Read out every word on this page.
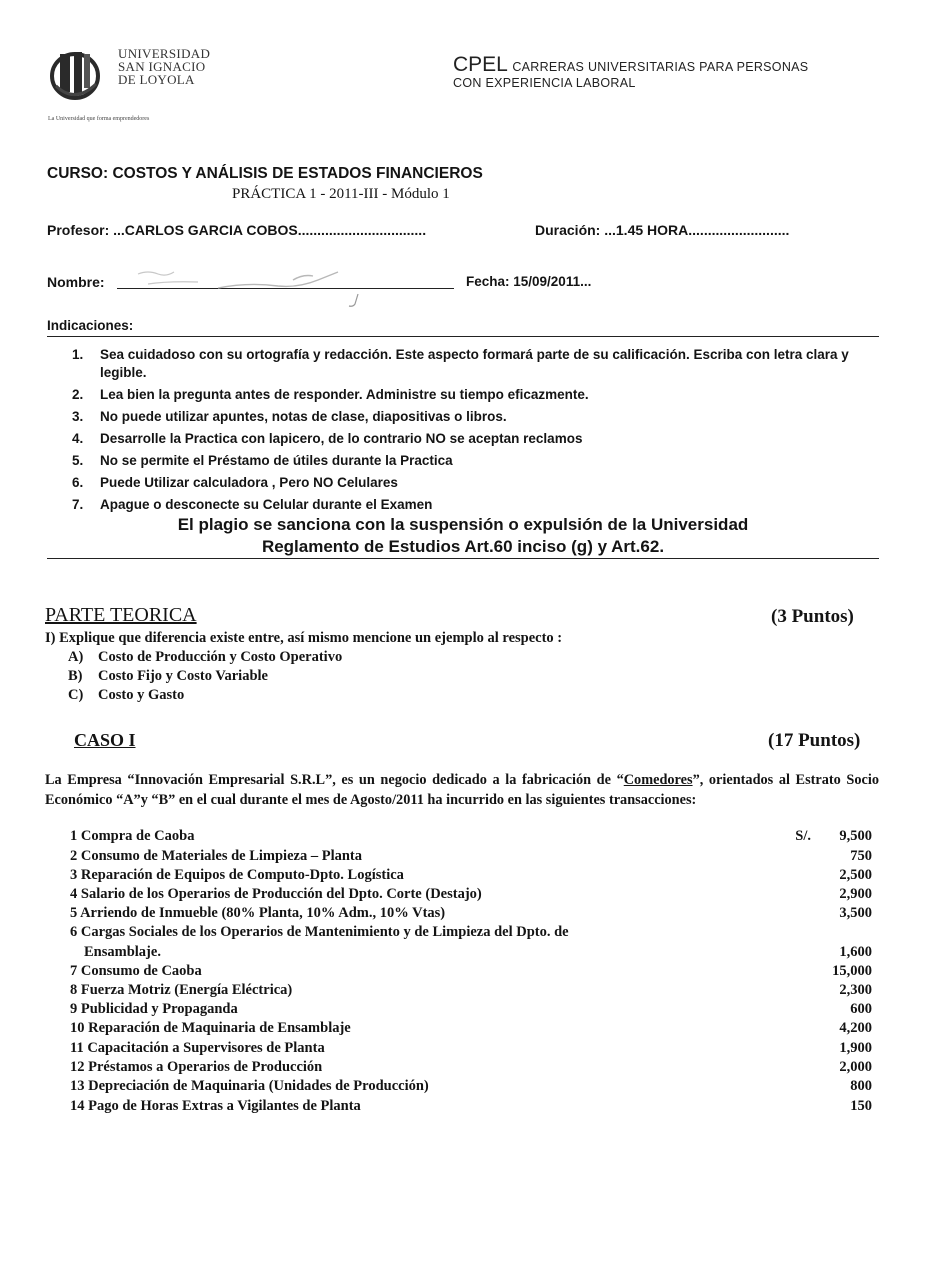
UNIVERSIDAD
SAN IGNACIO
DE LOYOLA
La Universidad que forma emprendedores
CPEL CARRERAS UNIVERSITARIAS PARA PERSONAS
CON EXPERIENCIA LABORAL
CURSO: COSTOS Y ANÁLISIS DE ESTADOS FINANCIEROS
PRÁCTICA 1 - 2011-III - Módulo 1
Profesor: ...CARLOS GARCIA COBOS.................................	Duración: ...1.45 HORA..........................
Nombre:	Fecha: 15/09/2011...
Indicaciones:
1. Sea cuidadoso con su ortografía y redacción. Este aspecto formará parte de su calificación. Escriba con letra clara y legible.
2. Lea bien la pregunta antes de responder. Administre su tiempo eficazmente.
3. No puede utilizar apuntes, notas de clase, diapositivas o libros.
4. Desarrolle la Practica con lapicero, de lo contrario NO se aceptan reclamos
5. No se permite el Préstamo de útiles durante la Practica
6. Puede Utilizar calculadora , Pero NO Celulares
7. Apague o desconecte su Celular durante el Examen
El plagio se sanciona con la suspensión o expulsión de la Universidad
Reglamento de Estudios Art.60 inciso (g) y Art.62.
PARTE TEORICA	(3 Puntos)
I) Explique que diferencia existe entre, así mismo mencione un ejemplo al respecto :
A) Costo de Producción y Costo Operativo
B) Costo Fijo y Costo Variable
C) Costo y Gasto
CASO I	(17 Puntos)
La Empresa “Innovación Empresarial S.R.L”, es un negocio dedicado a la fabricación de “Comedores”, orientados al Estrato Socio Económico “A”y “B” en el cual durante el mes de Agosto/2011 ha incurrido en las siguientes transacciones:
1 Compra de Caoba	S/. 9,500
2 Consumo de Materiales de Limpieza – Planta	750
3 Reparación de Equipos de Computo-Dpto. Logística	2,500
4 Salario de los Operarios de Producción del Dpto. Corte (Destajo)	2,900
5 Arriendo de Inmueble (80% Planta, 10% Adm., 10% Vtas)	3,500
6 Cargas Sociales de los Operarios de Mantenimiento y de Limpieza del Dpto. de
Ensamblaje.	1,600
7 Consumo de Caoba	15,000
8 Fuerza Motriz (Energía Eléctrica)	2,300
9 Publicidad y Propaganda	600
10 Reparación de Maquinaria de Ensamblaje	4,200
11 Capacitación a Supervisores de Planta	1,900
12 Préstamos a Operarios de Producción	2,000
13 Depreciación de Maquinaria (Unidades de Producción)	800
14 Pago de Horas Extras a Vigilantes de Planta	150
